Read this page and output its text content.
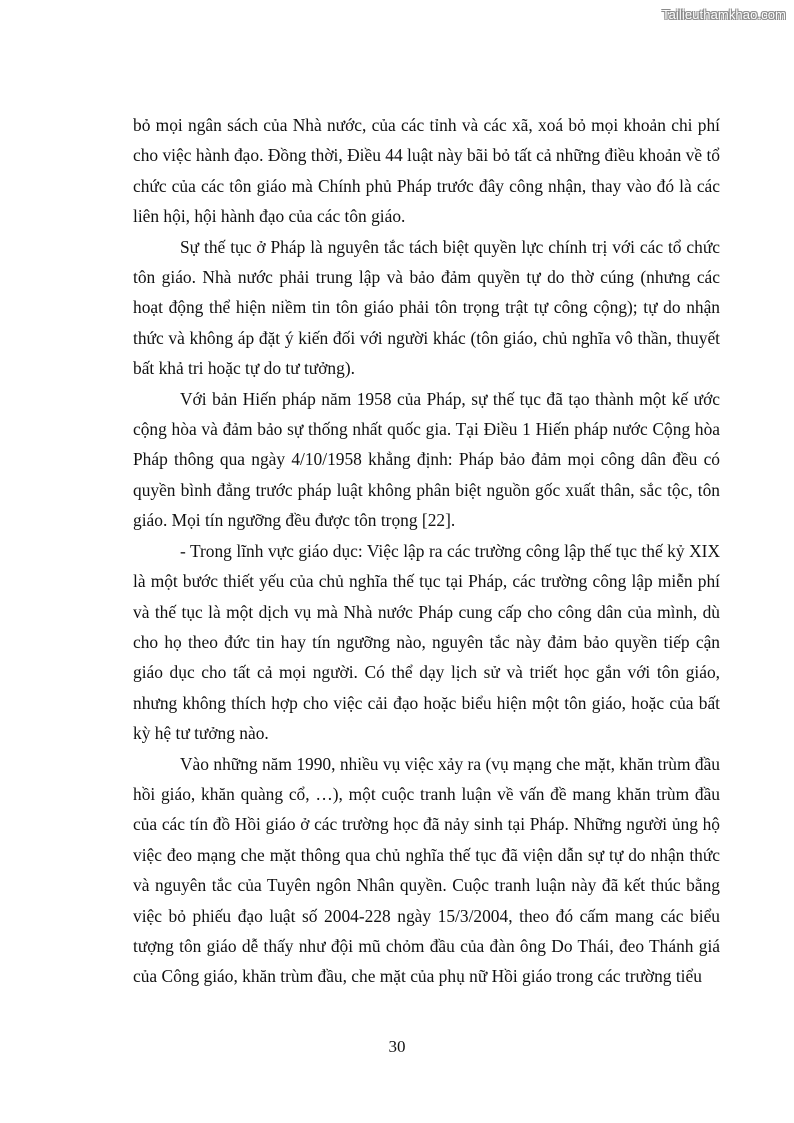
Tailieuthamkhao.com

bỏ mọi ngân sách của Nhà nước, của các tỉnh và các xã, xoá bỏ mọi khoản chi phí cho việc hành đạo. Đồng thời, Điều 44 luật này bãi bỏ tất cả những điều khoản về tổ chức của các tôn giáo mà Chính phủ Pháp trước đây công nhận, thay vào đó là các liên hội, hội hành đạo của các tôn giáo.

Sự thế tục ở Pháp là nguyên tắc tách biệt quyền lực chính trị với các tổ chức tôn giáo. Nhà nước phải trung lập và bảo đảm quyền tự do thờ cúng (nhưng các hoạt động thể hiện niềm tin tôn giáo phải tôn trọng trật tự công cộng); tự do nhận thức và không áp đặt ý kiến đối với người khác (tôn giáo, chủ nghĩa vô thần, thuyết bất khả tri hoặc tự do tư tưởng).

Với bản Hiến pháp năm 1958 của Pháp, sự thế tục đã tạo thành một kế ước cộng hòa và đảm bảo sự thống nhất quốc gia. Tại Điều 1 Hiến pháp nước Cộng hòa Pháp thông qua ngày 4/10/1958 khẳng định: Pháp bảo đảm mọi công dân đều có quyền bình đẳng trước pháp luật không phân biệt nguồn gốc xuất thân, sắc tộc, tôn giáo. Mọi tín ngưỡng đều được tôn trọng [22].

- Trong lĩnh vực giáo dục: Việc lập ra các trường công lập thế tục thế kỷ XIX là một bước thiết yếu của chủ nghĩa thế tục tại Pháp, các trường công lập miễn phí và thế tục là một dịch vụ mà Nhà nước Pháp cung cấp cho công dân của mình, dù cho họ theo đức tin hay tín ngưỡng nào, nguyên tắc này đảm bảo quyền tiếp cận giáo dục cho tất cả mọi người. Có thể dạy lịch sử và triết học gắn với tôn giáo, nhưng không thích hợp cho việc cải đạo hoặc biểu hiện một tôn giáo, hoặc của bất kỳ hệ tư tưởng nào.

Vào những năm 1990, nhiều vụ việc xảy ra (vụ mạng che mặt, khăn trùm đầu hồi giáo, khăn quàng cổ, …), một cuộc tranh luận về vấn đề mang khăn trùm đầu của các tín đồ Hồi giáo ở các trường học đã nảy sinh tại Pháp. Những người ủng hộ việc đeo mạng che mặt thông qua chủ nghĩa thế tục đã viện dẫn sự tự do nhận thức và nguyên tắc của Tuyên ngôn Nhân quyền. Cuộc tranh luận này đã kết thúc bằng việc bỏ phiếu đạo luật số 2004-228 ngày 15/3/2004, theo đó cấm mang các biểu tượng tôn giáo dễ thấy như đội mũ chỏm đầu của đàn ông Do Thái, đeo Thánh giá của Công giáo, khăn trùm đầu, che mặt của phụ nữ Hồi giáo trong các trường tiểu

30
